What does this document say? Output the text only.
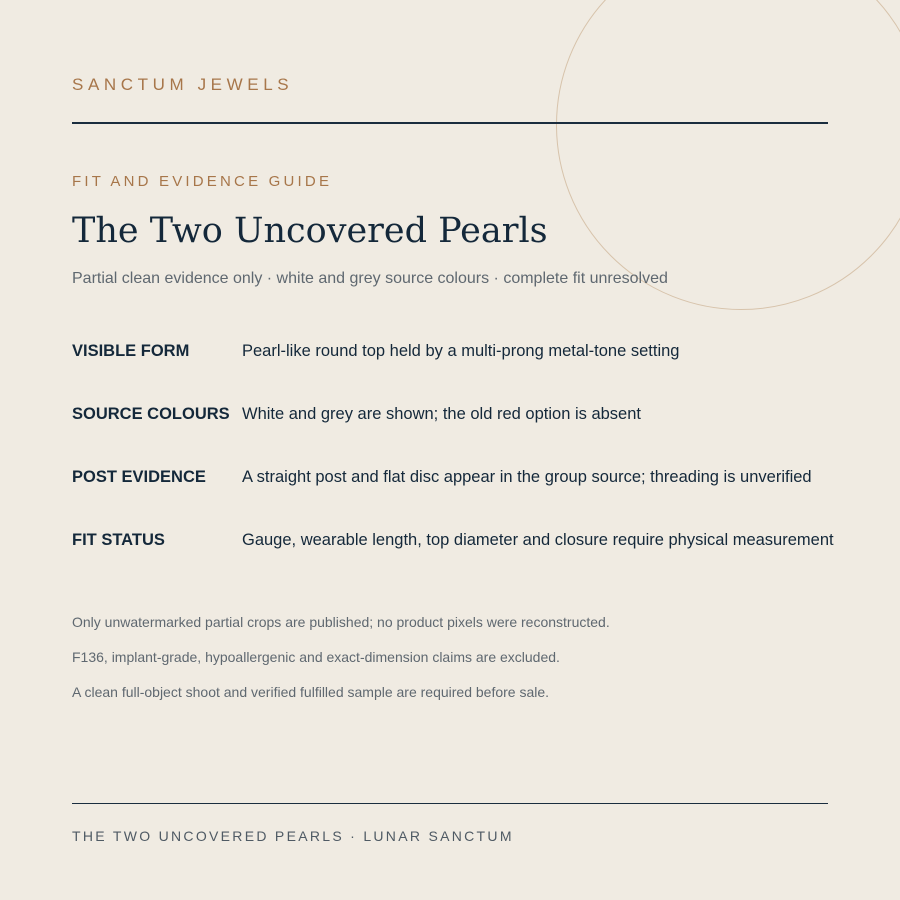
SANCTUM JEWELS
FIT AND EVIDENCE GUIDE
The Two Uncovered Pearls
Partial clean evidence only · white and grey source colours · complete fit unresolved
VISIBLE FORM	Pearl-like round top held by a multi-prong metal-tone setting
SOURCE COLOURS White and grey are shown; the old red option is absent
POST EVIDENCE A straight post and flat disc appear in the group source; threading is unverified
FIT STATUS	Gauge, wearable length, top diameter and closure require physical measurement
Only unwatermarked partial crops are published; no product pixels were reconstructed.
F136, implant-grade, hypoallergenic and exact-dimension claims are excluded.
A clean full-object shoot and verified fulfilled sample are required before sale.
THE TWO UNCOVERED PEARLS · LUNAR SANCTUM
